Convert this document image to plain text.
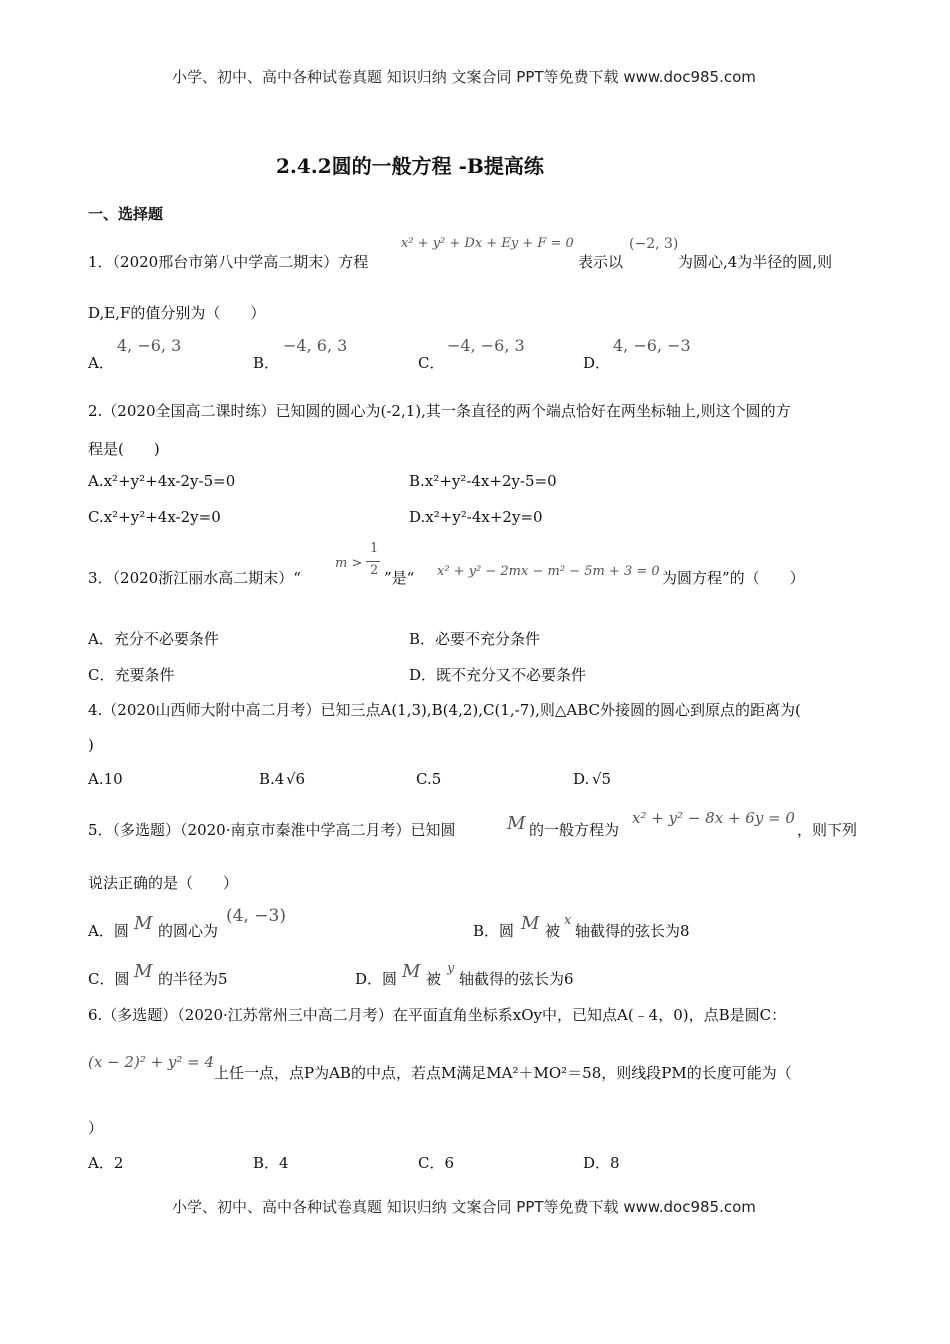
小学、初中、高中各种试卷真题 知识归纳 文案合同 PPT等免费下载 www.doc985.com
小学、初中、高中各种试卷真题 知识归纳 文案合同 PPT等免费下载 www.doc985.com
2.4.2圆的一般方程 -B提高练
一、选择题
1．（2020邢台市第八中学高二期末）方程
x² + y² + Dx + Ey + F = 0
表示以
(−2, 3)
为圆心,4为半径的圆,则
D,E,F的值分别为（　　）
A．
4, −6, 3
B．
−4, 6, 3
C．
−4, −6, 3
D．
4, −6, −3
2.（2020全国高二课时练）已知圆的圆心为(-2,1),其一条直径的两个端点恰好在两坐标轴上,则这个圆的方
程是(　　)
A.x²+y²+4x-2y-5=0	B.x²+y²-4x+2y-5=0
C.x²+y²+4x-2y=0	D.x²+y²-4x+2y=0
3．（2020浙江丽水高二期末）“
m >
1
2 ”是“ x² + y² − 2mx − m² − 5m + 3 = 0 为圆方程”的（　　）
A．充分不必要条件	B．必要不充分条件
C．充要条件	D．既不充分又不必要条件
4.（2020山西师大附中高二月考）已知三点A(1,3),B(4,2),C(1,-7),则△ABC外接圆的圆心到原点的距离为(
)
A.10	B.4 √6	C.5	D. √5
5．（多选题）（2020·南京市秦淮中学高二月考）已知圆	M 的一般方程为
x² + y² − 8x + 6y = 0
，则下列
说法正确的是（　　）
A．圆 M 的圆心为
(4, −3)
B．圆 M 被
x
轴截得的弦长为8
C．圆 M 的半径为5	D．圆 M 被
y
轴截得的弦长为6
6.（多选题）（2020·江苏常州三中高二月考）在平面直角坐标系xOy中，已知点A(﹣4，0)，点B是圆C：
(x − 2)² + y² = 4
上任一点，点P为AB的中点，若点M满足MA²＋MO²＝58，则线段PM的长度可能为（
）
A．2	B．4	C．6	D．8
